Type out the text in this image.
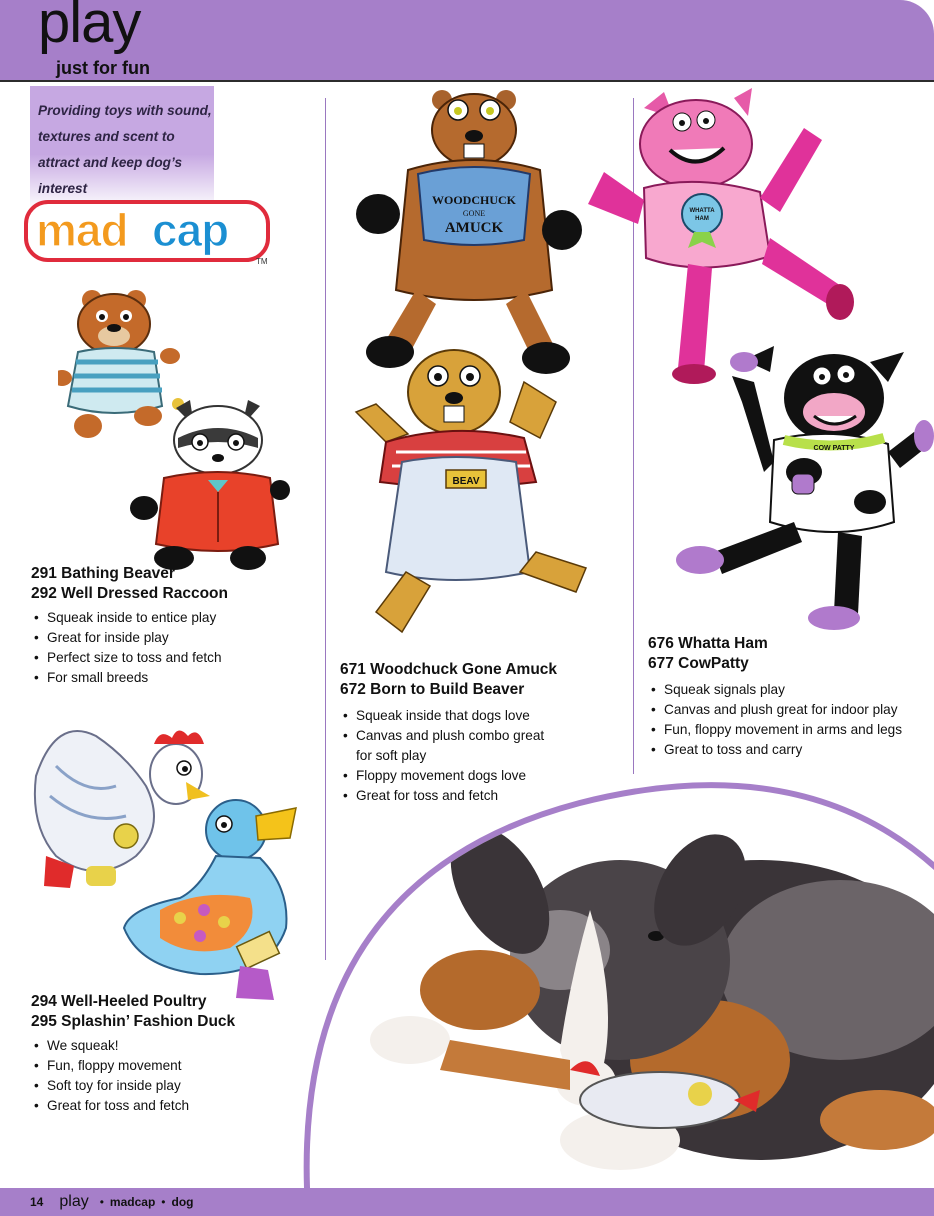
play
just for fun

Providing toys with sound, textures and scent to attract and keep dog’s interest

mad cap
TM
291 Bathing Beaver
292 Well Dressed Raccoon
• Squeak inside to entice play
• Great for inside play
• Perfect size to toss and fetch
• For small breeds
294 Well-Heeled Poultry
295 Splashin’ Fashion Duck
• We squeak!
• Fun, floppy movement
• Soft toy for inside play
• Great for toss and fetch
WOODCHUCK
GONE
AMUCK
BEAV
671 Woodchuck Gone Amuck
672 Born to Build Beaver
• Squeak inside that dogs love
• Canvas and plush combo great for soft play
• Floppy movement dogs love
• Great for toss and fetch
WHATTA
HAM
COW PATTY
676 Whatta Ham
677 CowPatty
• Squeak signals play
• Canvas and plush great for indoor play
• Fun, floppy movement in arms and legs
• Great to toss and carry
14 play • madcap • dog
